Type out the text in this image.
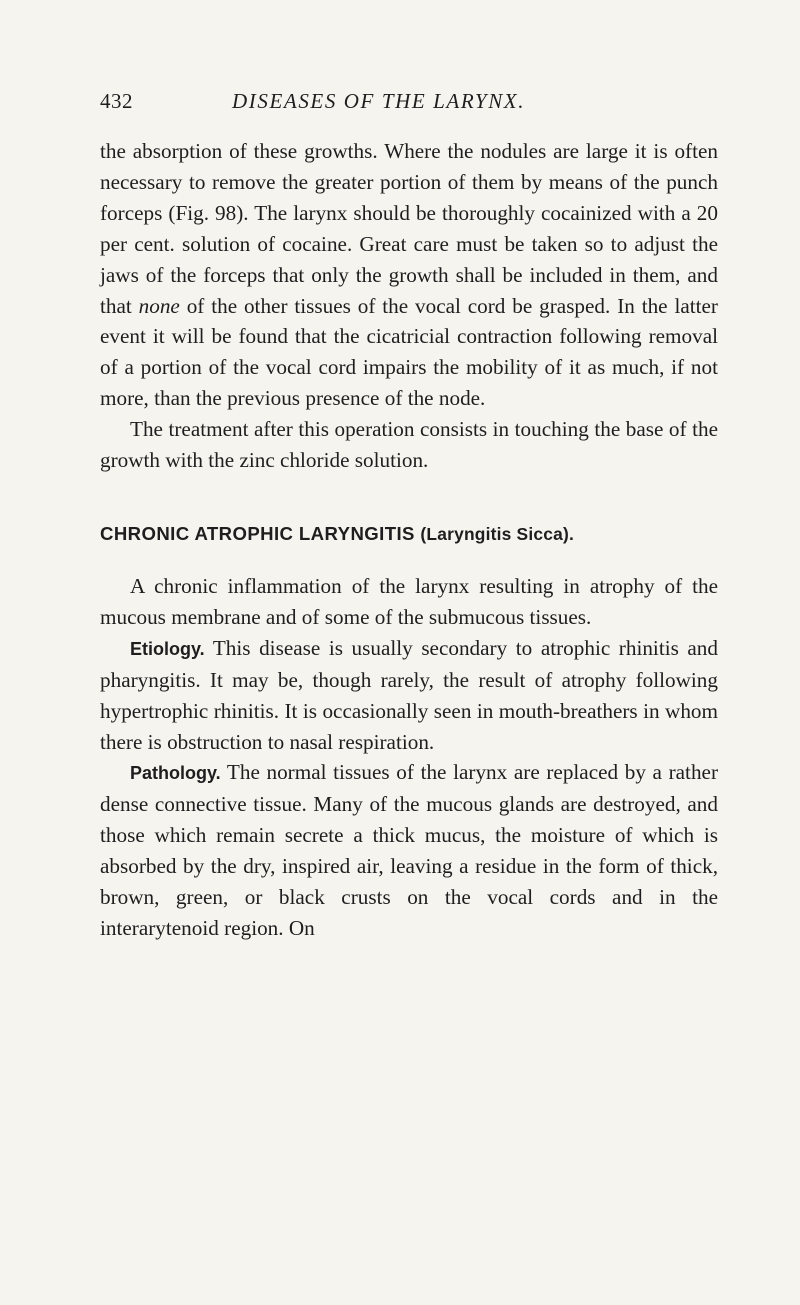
432	DISEASES OF THE LARYNX.

the absorption of these growths. Where the nodules are large it is often necessary to remove the greater portion of them by means of the punch forceps (Fig. 98). The larynx should be thoroughly cocainized with a 20 per cent. solution of cocaine. Great care must be taken so to adjust the jaws of the forceps that only the growth shall be included in them, and that none of the other tissues of the vocal cord be grasped. In the latter event it will be found that the cicatricial contraction following removal of a portion of the vocal cord impairs the mobility of it as much, if not more, than the previous presence of the node.

The treatment after this operation consists in touching the base of the growth with the zinc chloride solution.

CHRONIC ATROPHIC LARYNGITIS (Laryngitis Sicca).

A chronic inflammation of the larynx resulting in atrophy of the mucous membrane and of some of the submucous tissues.

Etiology. This disease is usually secondary to atrophic rhinitis and pharyngitis. It may be, though rarely, the result of atrophy following hypertrophic rhinitis. It is occasionally seen in mouth-breathers in whom there is obstruction to nasal respiration.

Pathology. The normal tissues of the larynx are replaced by a rather dense connective tissue. Many of the mucous glands are destroyed, and those which remain secrete a thick mucus, the moisture of which is absorbed by the dry, inspired air, leaving a residue in the form of thick, brown, green, or black crusts on the vocal cords and in the interarytenoid region. On
